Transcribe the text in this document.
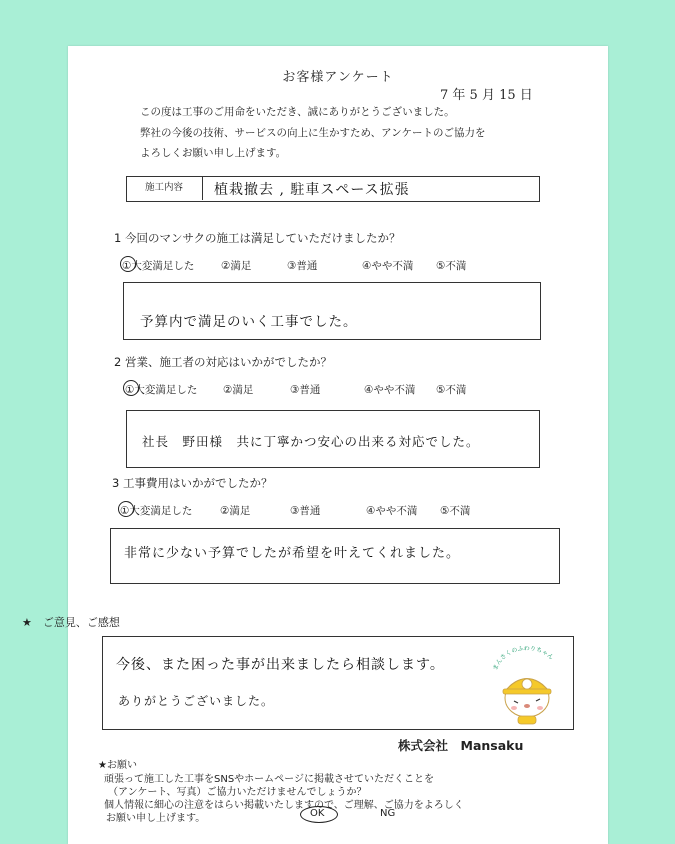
お客様アンケート
7 年 5 月 15 日
この度は工事のご用命をいただき、誠にありがとうございました。
弊社の今後の技術、サービスの向上に生かすため、アンケートのご協力を
よろしくお願い申し上げます。
施工内容	植栽撤去 , 駐車スペース拡張
1 今回のマンサクの施工は満足していただけましたか？
①大変満足した	②満足	③普通	④やや不満 ⑤不満
予算内で満足のいく工事でした。
2 営業、施工者の対応はいかがでしたか？
①大変満足した ②満足	③普通	④やや不満 ⑤不満
社長　野田様　共に丁寧かつ安心の出来る対応でした。
3 工事費用はいかがでしたか？
①大変満足した	②満足	③普通	④やや不満 ⑤不満
非常に少ない予算でしたが希望を叶えてくれました。
★　ご意見、ご感想
今後、また困った事が出来ましたら相談します。
ありがとうございました。
まんさくのふわりちゃん
株式会社　Mansaku
★お願い
頑張って施工した工事をSNSやホームページに掲載させていただくことを
（アンケート、写真）ご協力いただけませんでしょうか？
個人情報に細心の注意をはらい掲載いたしますので、ご理解、ご協力をよろしく
お願い申し上げます。	OK	NG
